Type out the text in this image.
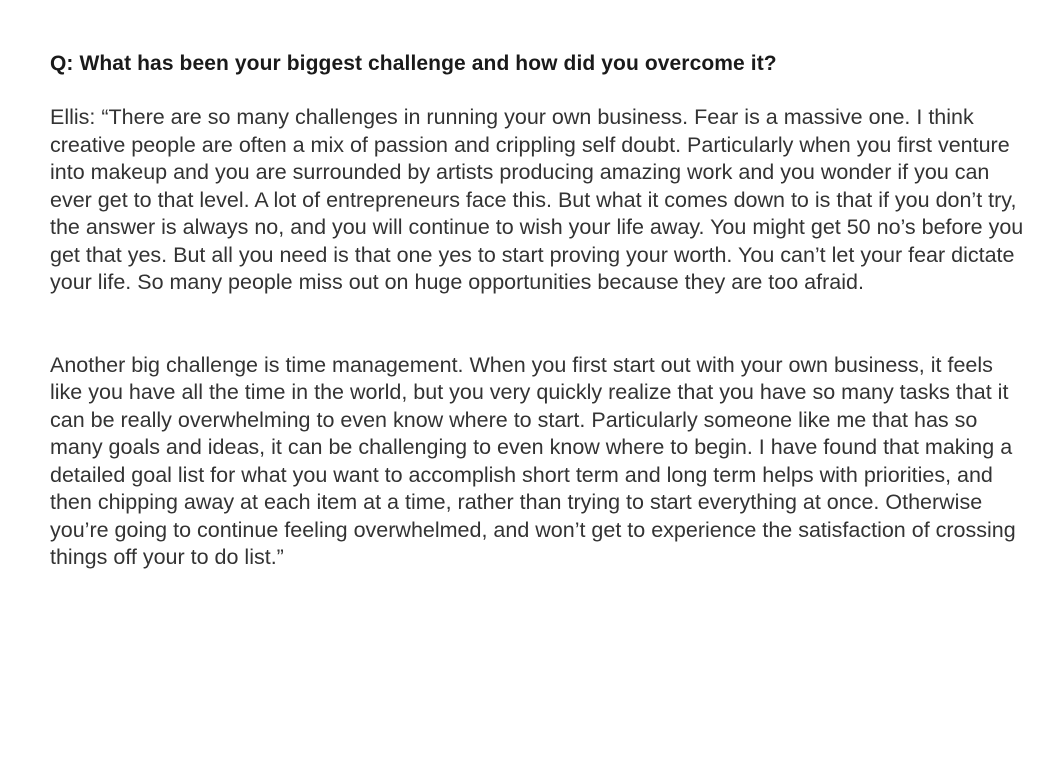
Q: What has been your biggest challenge and how did you overcome it?

Ellis: “There are so many challenges in running your own business. Fear is a massive one. I think creative people are often a mix of passion and crippling self doubt. Particularly when you first venture into makeup and you are surrounded by artists producing amazing work and you wonder if you can ever get to that level. A lot of entrepreneurs face this. But what it comes down to is that if you don’t try, the answer is always no, and you will continue to wish your life away. You might get 50 no’s before you get that yes. But all you need is that one yes to start proving your worth. You can’t let your fear dictate your life. So many people miss out on huge opportunities because they are too afraid.

Another big challenge is time management. When you first start out with your own business, it feels like you have all the time in the world, but you very quickly realize that you have so many tasks that it can be really overwhelming to even know where to start. Particularly someone like me that has so many goals and ideas, it can be challenging to even know where to begin. I have found that making a detailed goal list for what you want to accomplish short term and long term helps with priorities, and then chipping away at each item at a time, rather than trying to start everything at once. Otherwise you’re going to continue feeling overwhelmed, and won’t get to experience the satisfaction of crossing things off your to do list.”
